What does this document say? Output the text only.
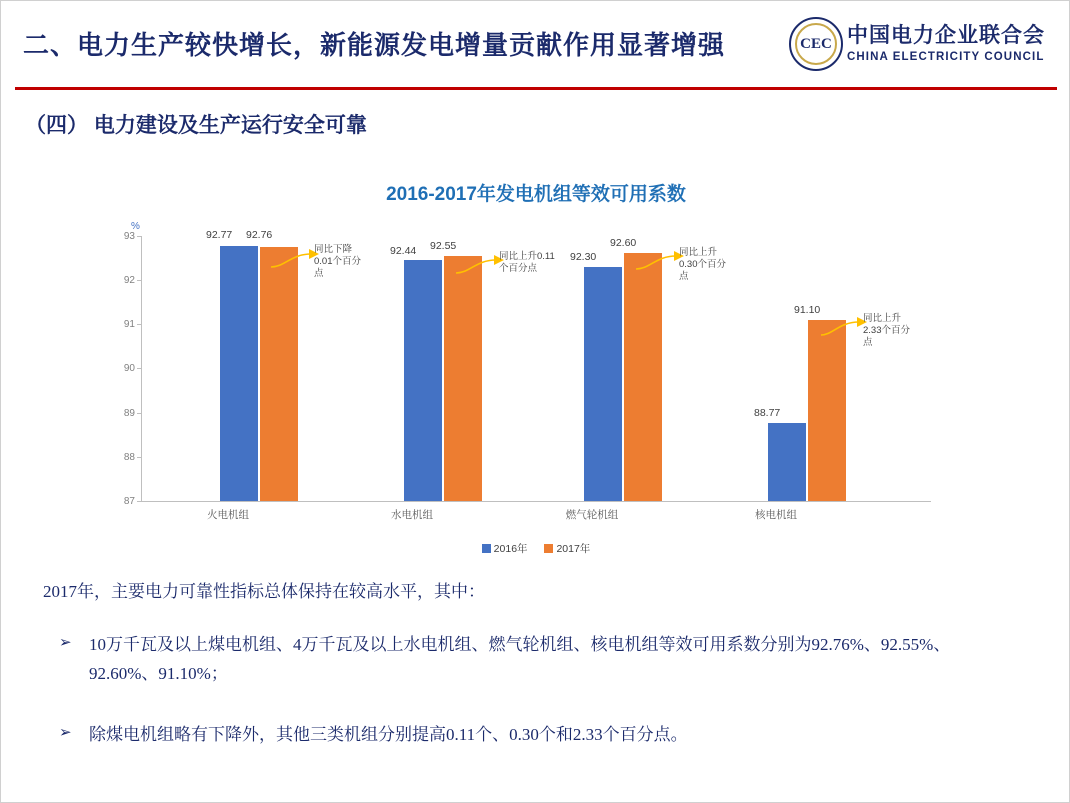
二、电力生产较快增长，新能源发电增量贡献作用显著增强	CEC 中国电力企业联合会
CHINA ELECTRICITY COUNCIL
（四） 电力建设及生产运行安全可靠
2016-2017年发电机组等效可用系数
%
87
88
89
90
91
92
93	92.77 92.76
92.44 92.55
92.30
92.60
88.77
91.10
同比下降0.01个百分点
同比上升0.11个百分点
同比上升0.30个百分点
同比上升2.33个百分点
火电机组	水电机组	燃气轮机组	核电机组
2016年	2017年
2017年，主要电力可靠性指标总体保持在较高水平，其中：
➢ 10万千瓦及以上煤电机组、4万千瓦及以上水电机组、燃气轮机组、核电机组等效可用系数分别为92.76%、92.55%、92.60%、91.10%；
➢ 除煤电机组略有下降外，其他三类机组分别提高0.11个、0.30个和2.33个百分点。
